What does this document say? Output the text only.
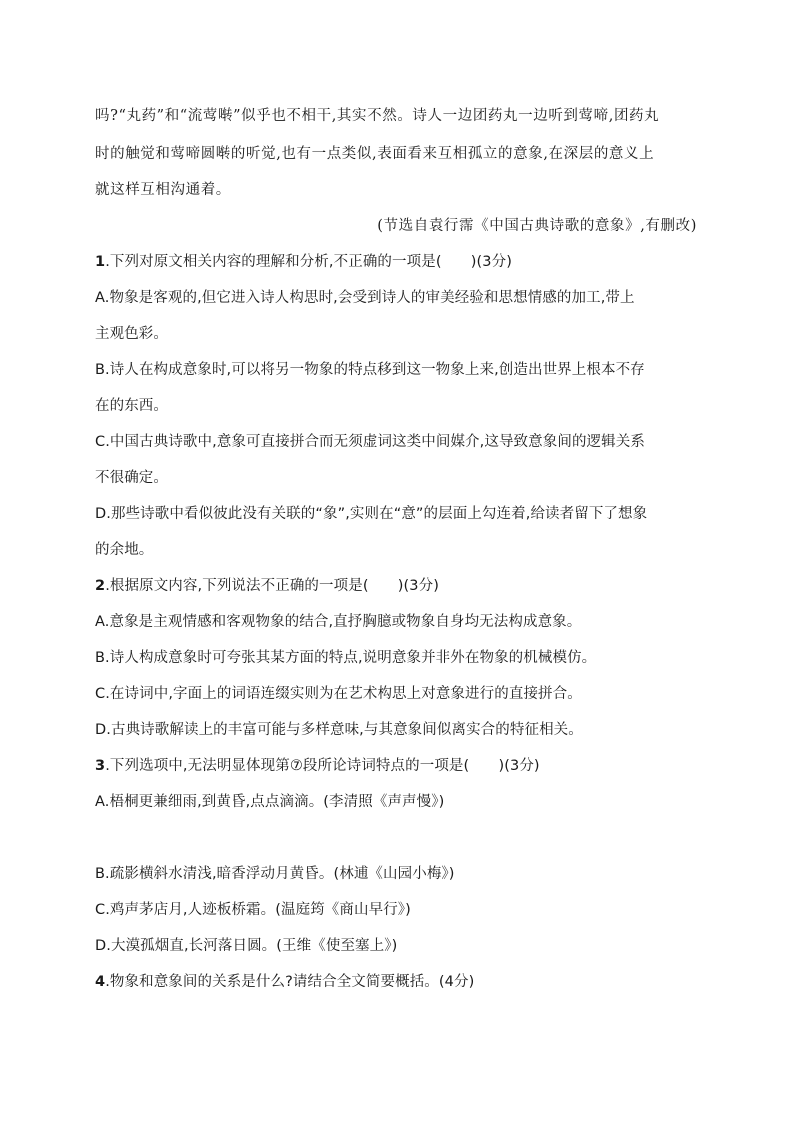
吗?“丸药”和“流莺啭”似乎也不相干,其实不然。诗人一边团药丸一边听到莺啼,团药丸
时的触觉和莺啼圆啭的听觉,也有一点类似,表面看来互相孤立的意象,在深层的意义上
就这样互相沟通着。
(节选自袁行霈《中国古典诗歌的意象》,有删改)
1.下列对原文相关内容的理解和分析,不正确的一项是(　　)(3分)
A.物象是客观的,但它进入诗人构思时,会受到诗人的审美经验和思想情感的加工,带上
主观色彩。
B.诗人在构成意象时,可以将另一物象的特点移到这一物象上来,创造出世界上根本不存
在的东西。
C.中国古典诗歌中,意象可直接拼合而无须虚词这类中间媒介,这导致意象间的逻辑关系
不很确定。
D.那些诗歌中看似彼此没有关联的“象”,实则在“意”的层面上勾连着,给读者留下了想象
的余地。
2.根据原文内容,下列说法不正确的一项是(　　)(3分)
A.意象是主观情感和客观物象的结合,直抒胸臆或物象自身均无法构成意象。
B.诗人构成意象时可夸张其某方面的特点,说明意象并非外在物象的机械模仿。
C.在诗词中,字面上的词语连缀实则为在艺术构思上对意象进行的直接拼合。
D.古典诗歌解读上的丰富可能与多样意味,与其意象间似离实合的特征相关。
3.下列选项中,无法明显体现第⑦段所论诗词特点的一项是(　　)(3分)
A.梧桐更兼细雨,到黄昏,点点滴滴。(李清照《声声慢》)
B.疏影横斜水清浅,暗香浮动月黄昏。(林逋《山园小梅》)
C.鸡声茅店月,人迹板桥霜。(温庭筠《商山早行》)
D.大漠孤烟直,长河落日圆。(王维《使至塞上》)
4.物象和意象间的关系是什么?请结合全文简要概括。(4分)
